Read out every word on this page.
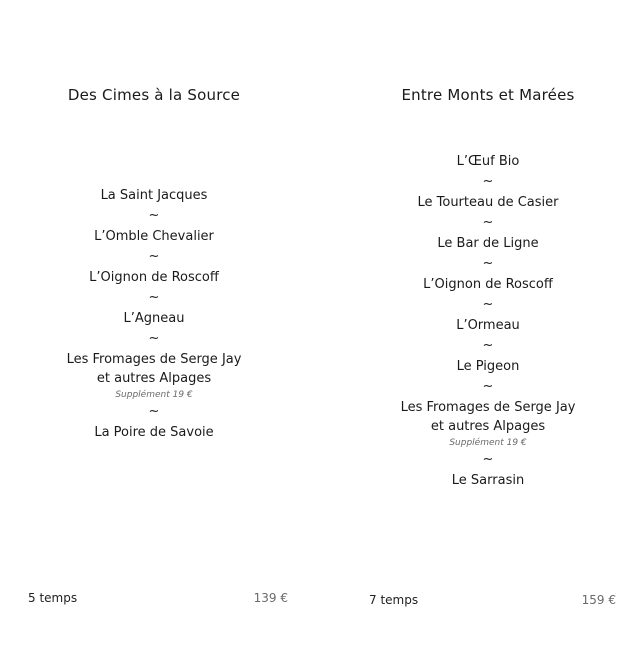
Des Cimes à la Source
La Saint Jacques
~
L’Omble Chevalier
~
L’Oignon de Roscoff
~
L’Agneau
~
Les Fromages de Serge Jay et autres Alpages
Supplément 19 €
~
La Poire de Savoie
5 temps	139 €
Entre Monts et Marées
L’Œuf Bio
~
Le Tourteau de Casier
~
Le Bar de Ligne
~
L’Oignon de Roscoff
~
L’Ormeau
~
Le Pigeon
~
Les Fromages de Serge Jay et autres Alpages
Supplément 19 €
~
Le Sarrasin
7 temps	159 €
